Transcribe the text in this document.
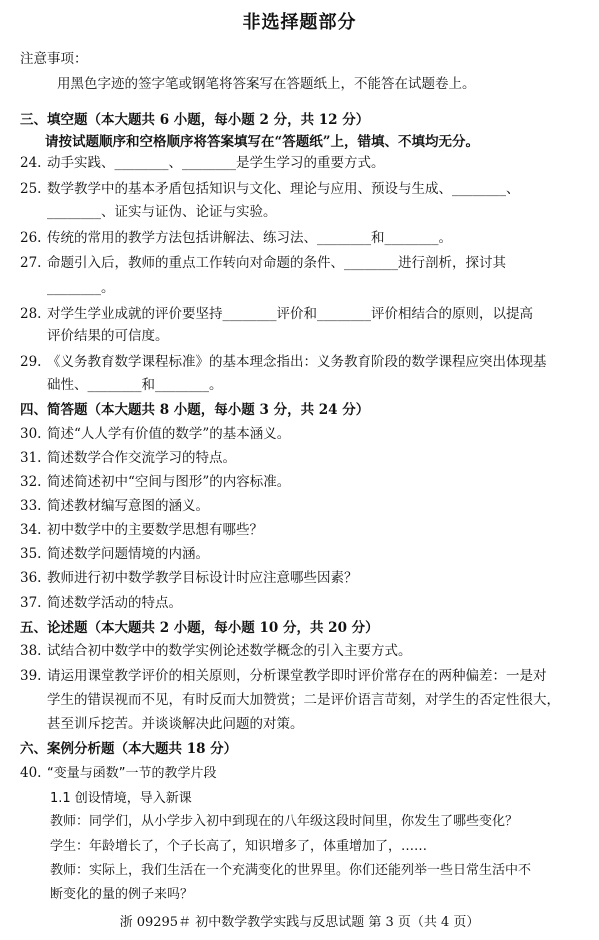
非选择题部分
注意事项：
用黑色字迹的签字笔或钢笔将答案写在答题纸上，不能答在试题卷上。
三、填空题（本大题共 6 小题，每小题 2 分，共 12 分）
请按试题顺序和空格顺序将答案填写在“答题纸”上，错填、不填均无分。
24. 动手实践、________、________是学生学习的重要方式。
25. 数学教学中的基本矛盾包括知识与文化、理论与应用、预设与生成、________、
________、证实与证伪、论证与实验。
26. 传统的常用的教学方法包括讲解法、练习法、________和________。
27. 命题引入后，教师的重点工作转向对命题的条件、________进行剖析，探讨其
________。
28. 对学生学业成就的评价要坚持________评价和________评价相结合的原则，以提高
评价结果的可信度。
29. 《义务教育数学课程标准》的基本理念指出：义务教育阶段的数学课程应突出体现基
础性、________和________。
四、简答题（本大题共 8 小题，每小题 3 分，共 24 分）
30. 简述“人人学有价值的数学”的基本涵义。
31. 简述数学合作交流学习的特点。
32. 简述简述初中“空间与图形”的内容标准。
33. 简述教材编写意图的涵义。
34. 初中数学中的主要数学思想有哪些？
35. 简述数学问题情境的内涵。
36. 教师进行初中数学教学目标设计时应注意哪些因素？
37. 简述数学活动的特点。
五、论述题（本大题共 2 小题，每小题 10 分，共 20 分）
38. 试结合初中数学中的数学实例论述数学概念的引入主要方式。
39. 请运用课堂教学评价的相关原则，分析课堂教学即时评价常存在的两种偏差：一是对
学生的错误视而不见，有时反而大加赞赏；二是评价语言苛刻，对学生的否定性很大，
甚至训斥挖苦。并谈谈解决此问题的对策。
六、案例分析题（本大题共 18 分）
40. “变量与函数”一节的教学片段
1.1 创设情境，导入新课
教师：同学们，从小学步入初中到现在的八年级这段时间里，你发生了哪些变化？
学生：年龄增长了，个子长高了，知识增多了，体重增加了，……
教师：实际上，我们生活在一个充满变化的世界里。你们还能列举一些日常生活中不
断变化的量的例子来吗？
浙 09295＃ 初中数学教学实践与反思试题 第 3 页（共 4 页）
